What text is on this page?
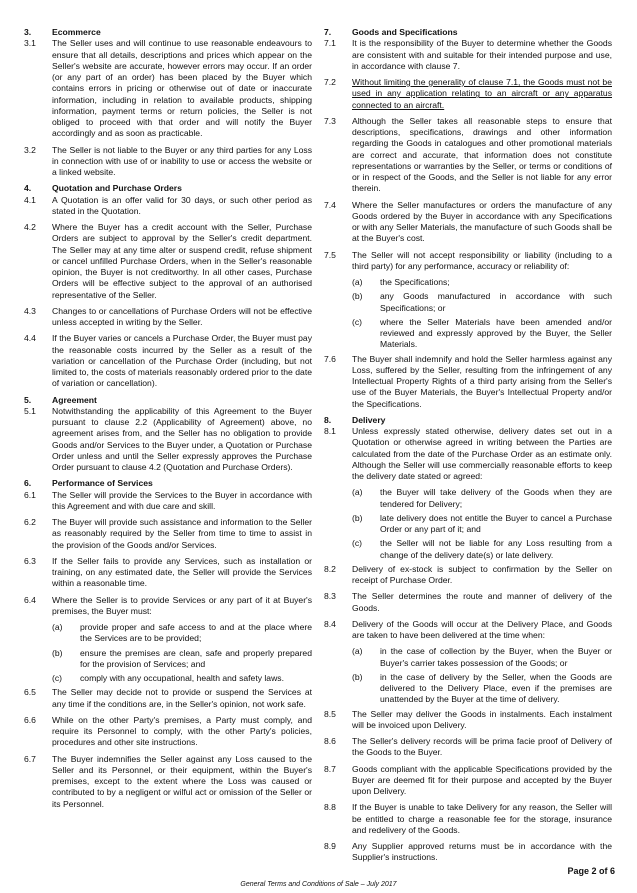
3.	Ecommerce
3.1	The Seller uses and will continue to use reasonable endeavours to ensure that all details, descriptions and prices which appear on the Seller's website are accurate, however errors may occur. If an order (or any part of an order) has been placed by the Buyer which contains errors in pricing or otherwise out of date or inaccurate information, including in relation to available products, shipping information, payment terms or return policies, the Seller is not obliged to proceed with that order and will notify the Buyer accordingly and as soon as practicable.
3.2	The Seller is not liable to the Buyer or any third parties for any Loss in connection with use of or inability to use or access the website or a linked website.
4.	Quotation and Purchase Orders
4.1	A Quotation is an offer valid for 30 days, or such other period as stated in the Quotation.
4.2	Where the Buyer has a credit account with the Seller, Purchase Orders are subject to approval by the Seller's credit department. The Seller may at any time alter or suspend credit, refuse shipment or cancel unfilled Purchase Orders, when in the Seller's reasonable opinion, the Buyer is not creditworthy. In all other cases, Purchase Orders will be effective subject to the approval of an authorised representative of the Seller.
4.3	Changes to or cancellations of Purchase Orders will not be effective unless accepted in writing by the Seller.
4.4	If the Buyer varies or cancels a Purchase Order, the Buyer must pay the reasonable costs incurred by the Seller as a result of the variation or cancellation of the Purchase Order (including, but not limited to, the costs of materials reasonably ordered prior to the date of variation or cancellation).
5.	Agreement
5.1	Notwithstanding the applicability of this Agreement to the Buyer pursuant to clause 2.2 (Applicability of Agreement) above, no agreement arises from, and the Seller has no obligation to provide Goods and/or Services to the Buyer under, a Quotation or Purchase Order unless and until the Seller expressly approves the Purchase Order pursuant to clause 4.2 (Quotation and Purchase Orders).
6.	Performance of Services
6.1	The Seller will provide the Services to the Buyer in accordance with this Agreement and with due care and skill.
6.2	The Buyer will provide such assistance and information to the Seller as reasonably required by the Seller from time to time to assist in the provision of the Goods and/or Services.
6.3	If the Seller fails to provide any Services, such as installation or training, on any estimated date, the Seller will provide the Services within a reasonable time.
6.4	Where the Seller is to provide Services or any part of it at Buyer's premises, the Buyer must:
(a)	provide proper and safe access to and at the place where the Services are to be provided;
(b)	ensure the premises are clean, safe and properly prepared for the provision of Services; and
(c)	comply with any occupational, health and safety laws.
6.5	The Seller may decide not to provide or suspend the Services at any time if the conditions are, in the Seller's opinion, not work safe.
6.6	While on the other Party's premises, a Party must comply, and require its Personnel to comply, with the other Party's policies, procedures and other site instructions.
6.7	The Buyer indemnifies the Seller against any Loss caused to the Seller and its Personnel, or their equipment, within the Buyer's premises, except to the extent where the Loss was caused or contributed to by a negligent or wilful act or omission of the Seller or its Personnel.
7.	Goods and Specifications
7.1	It is the responsibility of the Buyer to determine whether the Goods are consistent with and suitable for their intended purpose and use, in accordance with clause 7.
7.2	Without limiting the generality of clause 7.1, the Goods must not be used in any application relating to an aircraft or any apparatus connected to an aircraft.
7.3	Although the Seller takes all reasonable steps to ensure that descriptions, specifications, drawings and other information regarding the Goods in catalogues and other promotional materials are correct and accurate, that information does not constitute representations or warranties by the Seller, or terms or conditions of or in respect of the Goods, and the Seller is not liable for any error therein.
7.4	Where the Seller manufactures or orders the manufacture of any Goods ordered by the Buyer in accordance with any Specifications or with any Seller Materials, the manufacture of such Goods shall be at the Buyer's cost.
7.5	The Seller will not accept responsibility or liability (including to a third party) for any performance, accuracy or reliability of:
(a)	the Specifications;
(b)	any Goods manufactured in accordance with such Specifications; or
(c)	where the Seller Materials have been amended and/or reviewed and expressly approved by the Buyer, the Seller Materials.
7.6	The Buyer shall indemnify and hold the Seller harmless against any Loss, suffered by the Seller, resulting from the infringement of any Intellectual Property Rights of a third party arising from the Seller's use of the Buyer Materials, the Buyer's Intellectual Property and/or the Specifications.
8.	Delivery
8.1	Unless expressly stated otherwise, delivery dates set out in a Quotation or otherwise agreed in writing between the Parties are calculated from the date of the Purchase Order as an estimate only. Although the Seller will use commercially reasonable efforts to keep the delivery date stated or agreed:
(a)	the Buyer will take delivery of the Goods when they are tendered for Delivery;
(b)	late delivery does not entitle the Buyer to cancel a Purchase Order or any part of it; and
(c)	the Seller will not be liable for any Loss resulting from a change of the delivery date(s) or late delivery.
8.2	Delivery of ex-stock is subject to confirmation by the Seller on receipt of Purchase Order.
8.3	The Seller determines the route and manner of delivery of the Goods.
8.4	Delivery of the Goods will occur at the Delivery Place, and Goods are taken to have been delivered at the time when:
(a)	in the case of collection by the Buyer, when the Buyer or Buyer's carrier takes possession of the Goods; or
(b)	in the case of delivery by the Seller, when the Goods are delivered to the Delivery Place, even if the premises are unattended by the Buyer at the time of delivery.
8.5	The Seller may deliver the Goods in instalments. Each instalment will be invoiced upon Delivery.
8.6	The Seller's delivery records will be prima facie proof of Delivery of the Goods to the Buyer.
8.7	Goods compliant with the applicable Specifications provided by the Buyer are deemed fit for their purpose and accepted by the Buyer upon Delivery.
8.8	If the Buyer is unable to take Delivery for any reason, the Seller will be entitled to charge a reasonable fee for the storage, insurance and redelivery of the Goods.
8.9	Any Supplier approved returns must be in accordance with the Supplier's instructions.
Page 2 of 6
General Terms and Conditions of Sale – July 2017
